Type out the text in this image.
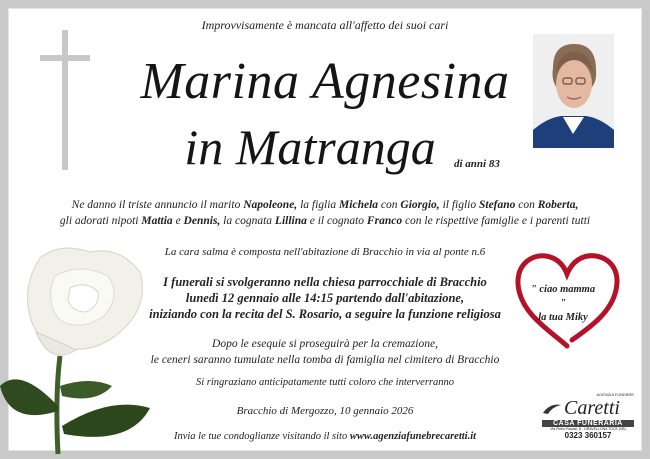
Improvvisamente è mancata all'affetto dei suoi cari
Marina Agnesina
in Matranga	di anni 83
Ne danno il triste annuncio il marito Napoleone, la figlia Michela con Giorgio, il figlio Stefano con Roberta,
gli adorati nipoti Mattia e Dennis, la cognata Lillina e il cognato Franco con le rispettive famiglie e i parenti tutti
La cara salma è composta nell'abitazione di Bracchio in via al ponte n.6
I funerali si svolgeranno nella chiesa parrocchiale di Bracchio
lunedì 12 gennaio alle 14:15 partendo dall'abitazione,
iniziando con la recita del S. Rosario, a seguire la funzione religiosa
Dopo le esequie si proseguirà per la cremazione,
le ceneri saranno tumulate nella tomba di famiglia nel cimitero di Bracchio
Si ringraziano anticipatamente tutti coloro che interverranno
Bracchio di Mergozzo, 10 gennaio 2026
Invia le tue condoglianze visitando il sito www.agenziafunebrecaretti.it
" ciao mamma "
la tua Miky
AGENZIA FUNEBRE
Caretti
CASA FUNERARIA
Via Pietro Ravasi, 8 - GRAVELLONA TOCE (VB)
0323 360157
